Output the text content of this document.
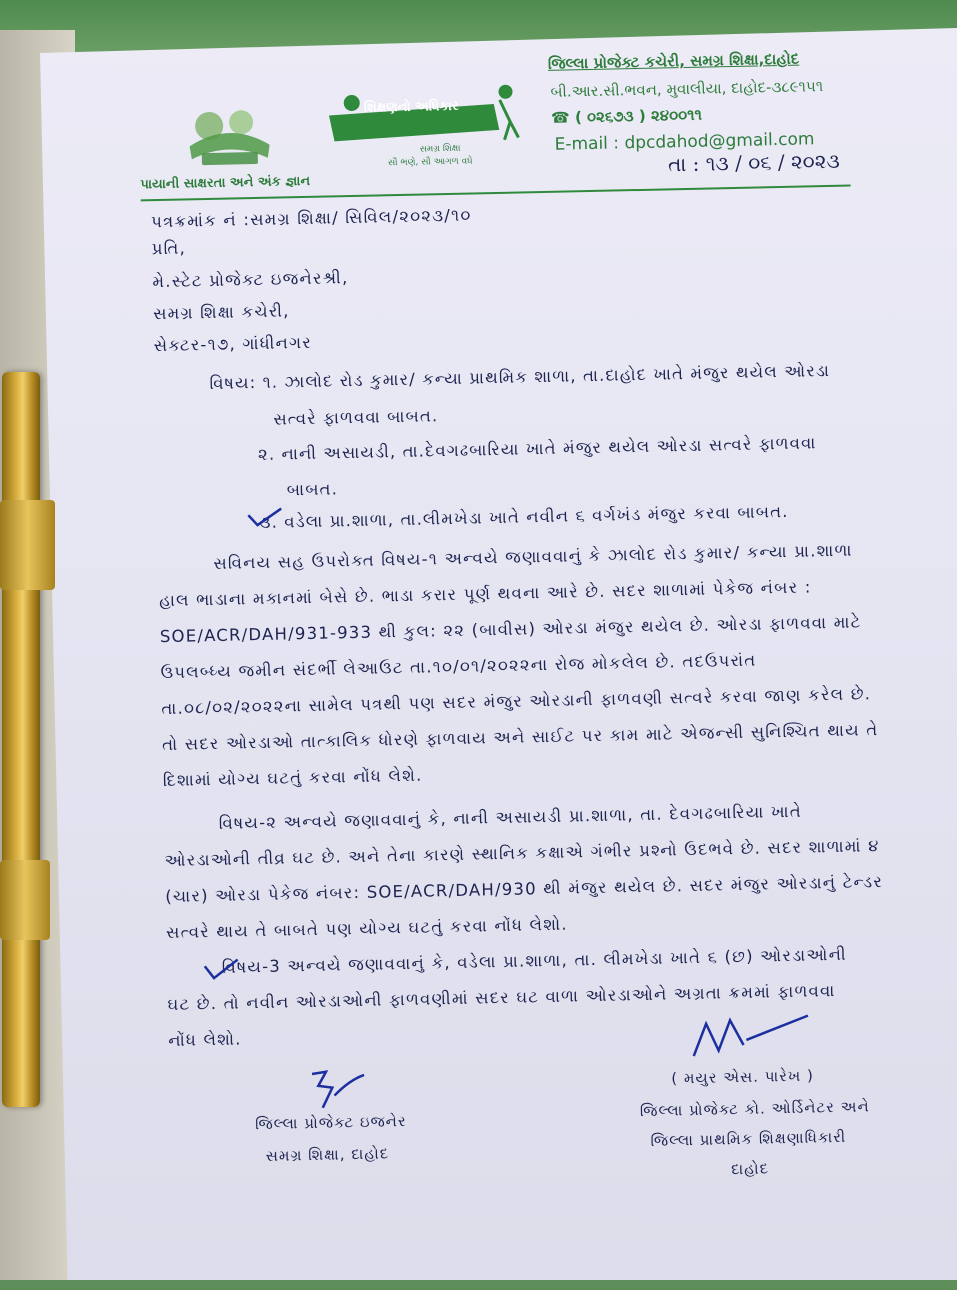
પાયાની સાક્ષરતા અને અંક જ્ઞાન
શિક્ષણનો અધિકાર
સમગ્ર શિક્ષા
સૌ ભણે, સૌ આગળ વધે
જિલ્લા પ્રોજેક્ટ કચેરી, સમગ્ર શિક્ષા,દાહોદ
બી.આર.સી.ભવન, મુવાલીયા, દાહોદ-૩૮૯૧૫૧
☎ ( ૦૨૬૭૩ ) ૨૪૦૦૧૧
E-mail : dpcdahod@gmail.com
તા : ૧૩ / ૦૬ / ૨૦૨૩
પત્રક્રમાંક નં :સમગ્ર શિક્ષા/ સિવિલ/૨૦૨૩/૧૦
પ્રતિ,
મે.સ્ટેટ પ્રોજેક્ટ ઇજનેરશ્રી,
સમગ્ર શિક્ષા કચેરી,
સેક્ટર-૧૭, ગાંધીનગર
વિષય: ૧. ઝાલોદ રોડ કુમાર/ કન્યા પ્રાથમિક શાળા, તા.દાહોદ ખાતે મંજુર થયેલ ઓરડા
સત્વરે ફાળવવા બાબત.
૨. નાની અસાયડી, તા.દેવગઢબારિયા ખાતે મંજુર થયેલ ઓરડા સત્વરે ફાળવવા
બાબત.
૩. વડેલા પ્રા.શાળા, તા.લીમખેડા ખાતે નવીન ૬ વર્ગખંડ મંજુર કરવા બાબત.
સવિનય સહ ઉપરોક્ત વિષય-૧ અન્વયે જણાવવાનું કે ઝાલોદ રોડ કુમાર/ કન્યા પ્રા.શાળા
હાલ ભાડાના મકાનમાં બેસે છે. ભાડા કરાર પૂર્ણ થવના આરે છે. સદર શાળામાં પેકેજ નંબર :
SOE/ACR/DAH/931-933 થી કુલ: ૨૨ (બાવીસ) ઓરડા મંજુર થયેલ છે. ઓરડા ફાળવવા માટે
ઉપલબ્ધ્ય જમીન સંદર્ભી લેઆઉટ તા.૧૦/૦૧/૨૦૨૨ના રોજ મોકલેલ છે. તદઉપરાંત
તા.૦૮/૦૨/૨૦૨૨ના સામેલ પત્રથી પણ સદર મંજુર ઓરડાની ફાળવણી સત્વરે કરવા જાણ કરેલ છે.
તો સદર ઓરડાઓ તાત્કાલિક ધોરણે ફાળવાય અને સાઈટ પર કામ માટે એજન્સી સુનિશ્ચિત થાય તે
દિશામાં યોગ્ય ઘટતું કરવા નોંધ લેશે.
વિષય-૨ અન્વયે જણાવવાનું કે, નાની અસાયડી પ્રા.શાળા, તા. દેવગઢબારિયા ખાતે
ઓરડાઓની તીવ્ર ઘટ છે. અને તેના કારણે સ્થાનિક કક્ષાએ ગંભીર પ્રશ્નો ઉદભવે છે. સદર શાળામાં ૪
(ચાર) ઓરડા પેકેજ નંબર: SOE/ACR/DAH/930 થી મંજુર થયેલ છે. સદર મંજુર ઓરડાનું ટેન્ડર
સત્વરે થાય તે બાબતે પણ યોગ્ય ઘટતું કરવા નોંધ લેશો.
વિષય-3 અન્વયે જણાવવાનું કે, વડેલા પ્રા.શાળા, તા. લીમખેડા ખાતે ૬ (છ) ઓરડાઓની
ઘટ છે. તો નવીન ઓરડાઓની ફાળવણીમાં સદર ઘટ વાળા ઓરડાઓને અગ્રતા ક્રમમાં ફાળવવા
નોંધ લેશો.
( મયુર એસ. પારેખ )
જિલ્લા પ્રોજેક્ટ કો. ઓર્ડિનેટર અને
જિલ્લા પ્રાથમિક શિક્ષણાધિકારી
દાહોદ
જિલ્લા પ્રોજેક્ટ ઇજનેર
સમગ્ર શિક્ષા, દાહોદ
